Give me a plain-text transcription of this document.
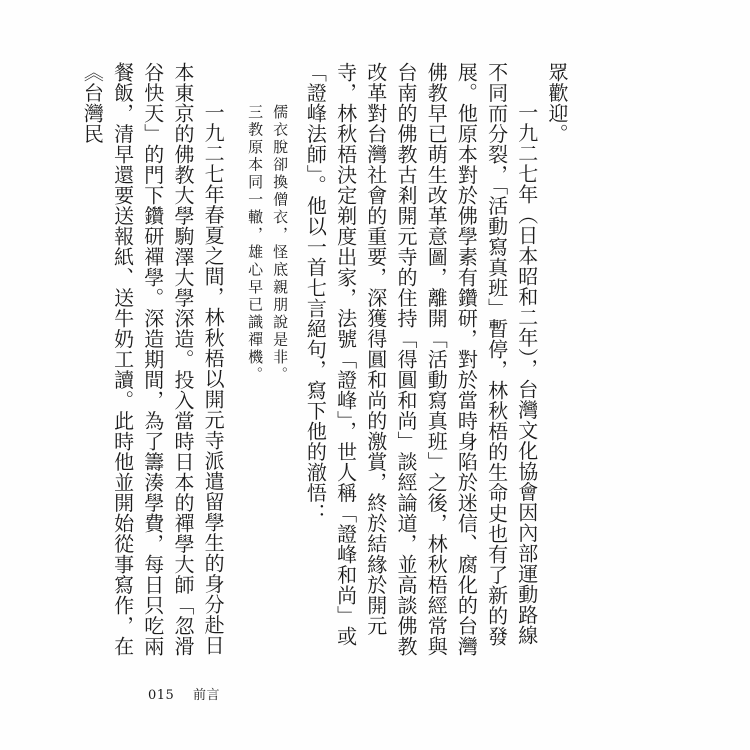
眾歡迎。

一九二七年（日本昭和二年），台灣文化協會因內部運動路線不同而分裂，「活動寫真班」暫停，林秋梧的生命史也有了新的發展。他原本對於佛學素有鑽研，對於當時身陷於迷信、腐化的台灣佛教早已萌生改革意圖，離開「活動寫真班」之後，林秋梧經常與台南的佛教古剎開元寺的住持「得圓和尚」談經論道，並高談佛教改革對台灣社會的重要，深獲得圓和尚的激賞，終於結緣於開元寺，林秋梧決定剃度出家，法號「證峰」，世人稱「證峰和尚」或「證峰法師」。他以一首七言絕句，寫下他的澈悟：

儒衣脫卻換僧衣，怪底親朋說是非。
三教原本同一轍，雄心早已識禪機。

一九二七年春夏之間，林秋梧以開元寺派遣留學生的身分赴日本東京的佛教大學駒澤大學深造。投入當時日本的禪學大師「忽滑谷快天」的門下鑽研禪學。深造期間，為了籌湊學費，每日只吃兩餐飯，清早還要送報紙、送牛奶工讀。此時他並開始從事寫作，在《台灣民

015 前言
